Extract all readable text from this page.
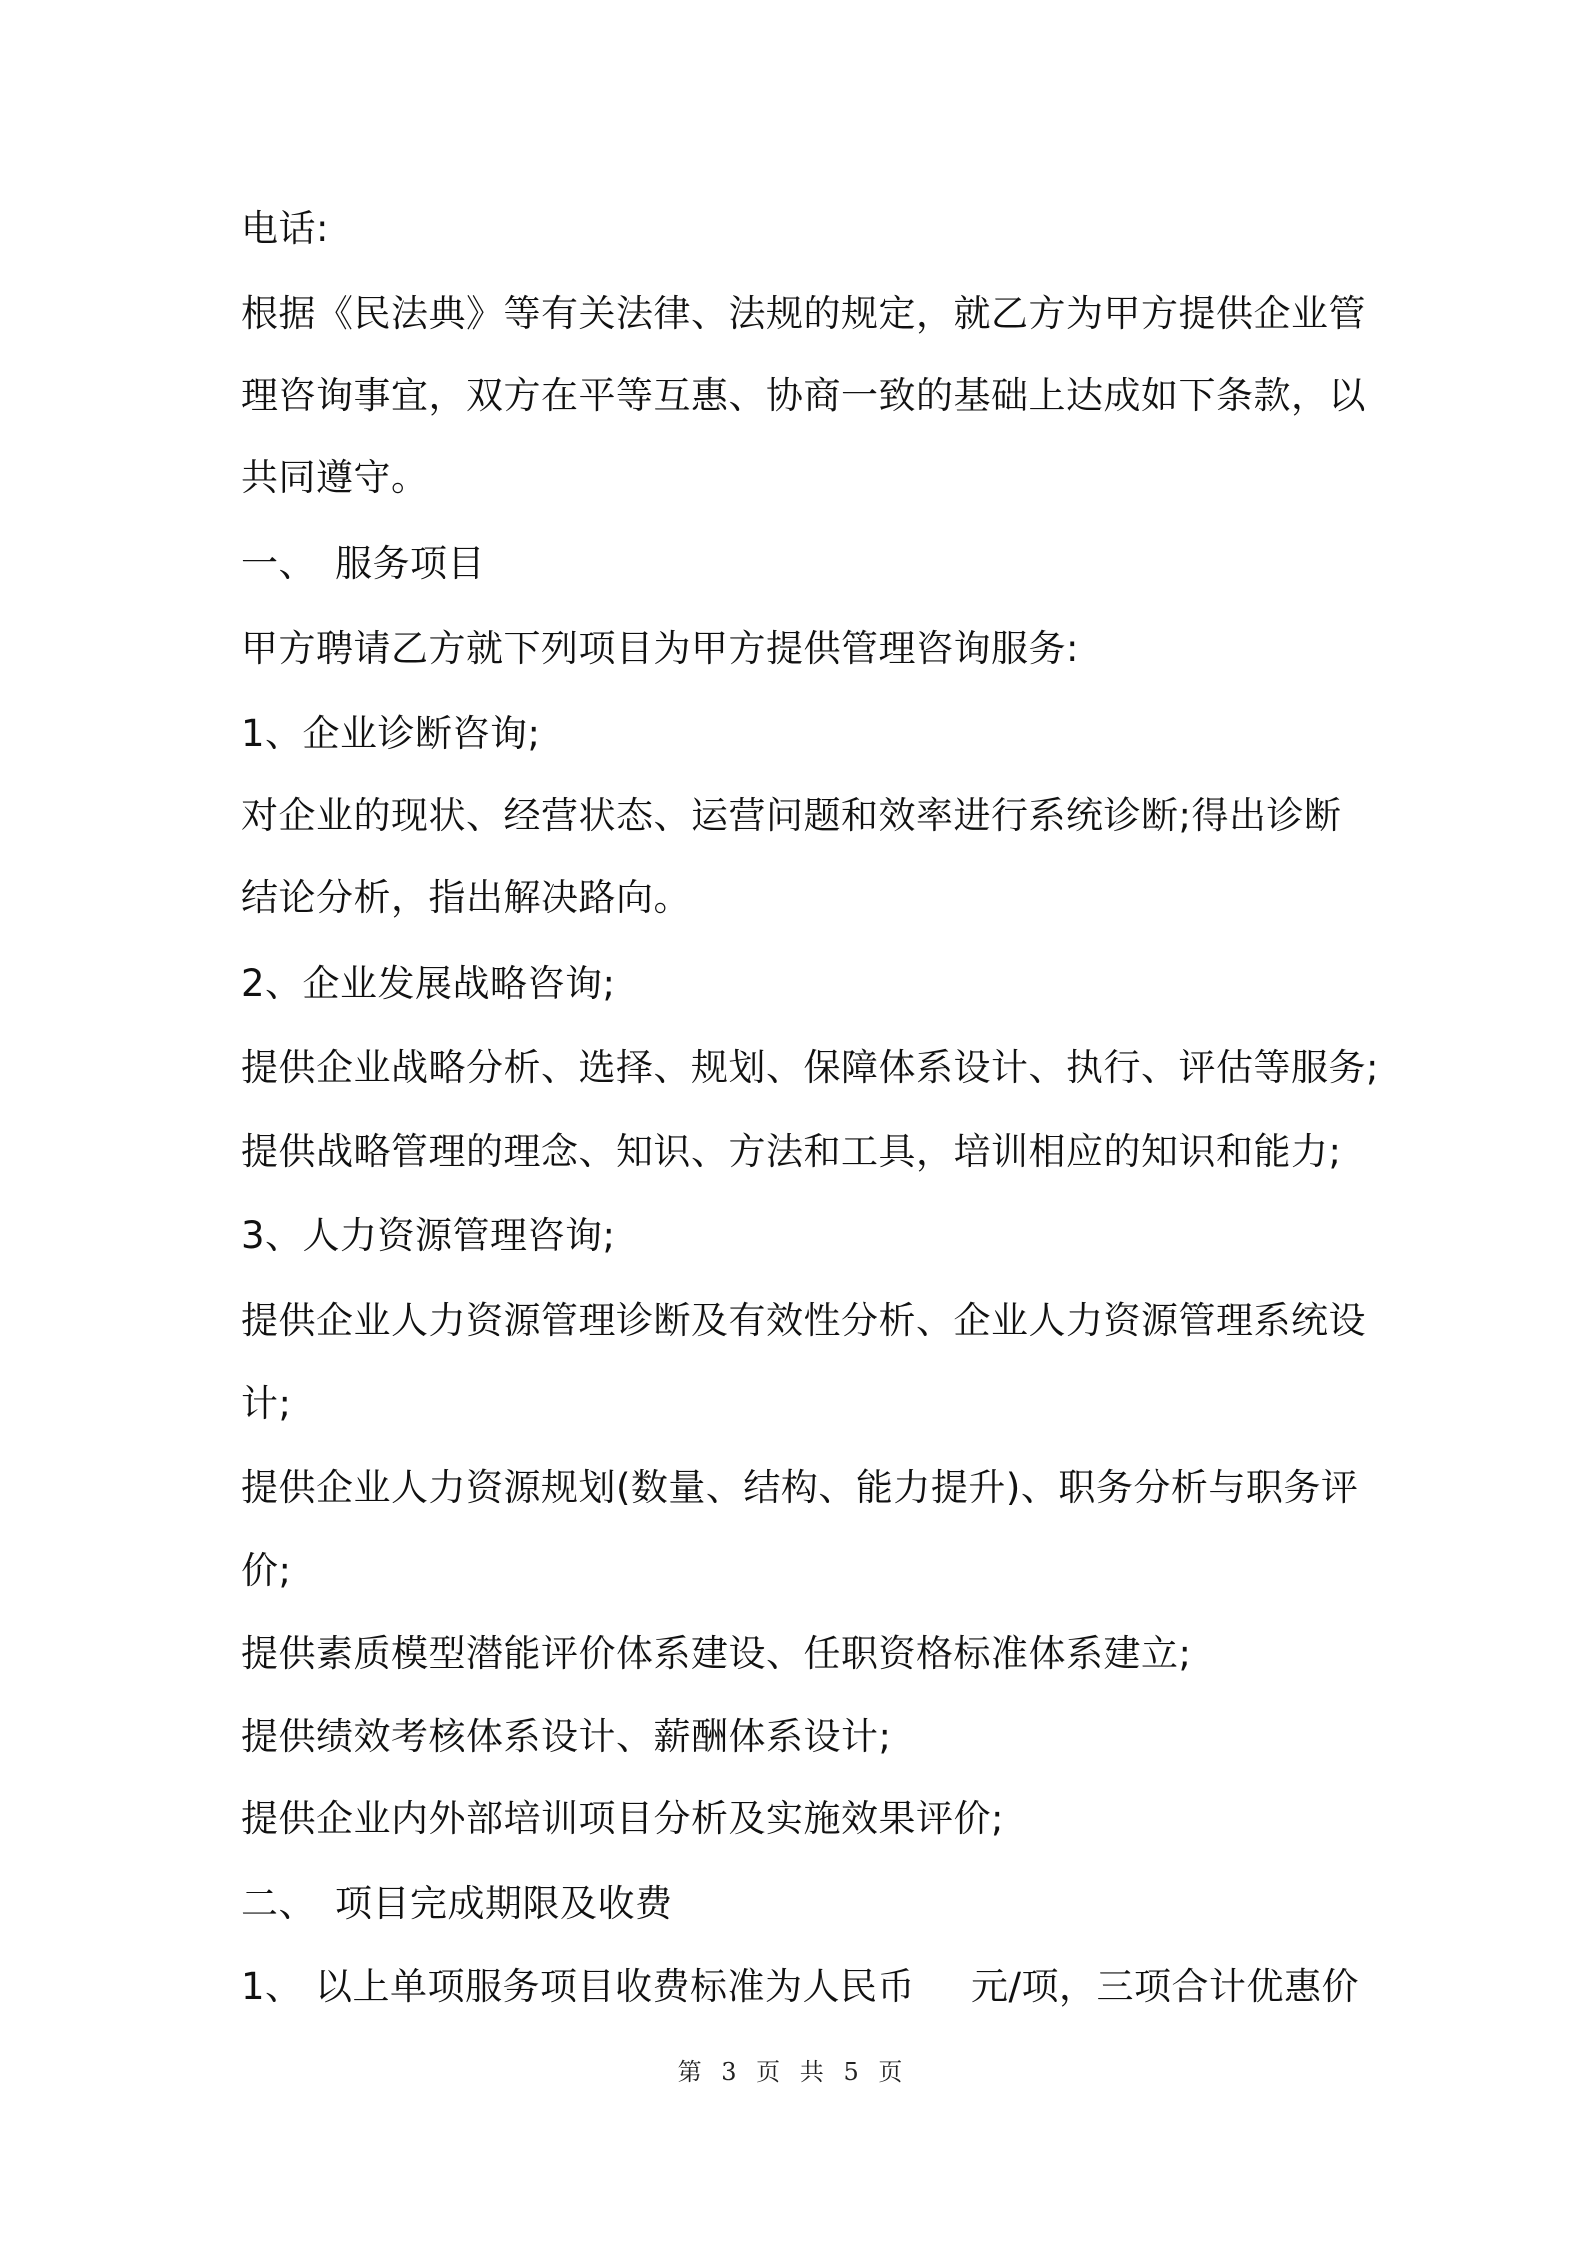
电话:
根据《民法典》等有关法律、法规的规定，就乙方为甲方提供企业管
理咨询事宜，双方在平等互惠、协商一致的基础上达成如下条款，以
共同遵守。
一、 服务项目
甲方聘请乙方就下列项目为甲方提供管理咨询服务:
1、企业诊断咨询;
对企业的现状、经营状态、运营问题和效率进行系统诊断;得出诊断
结论分析，指出解决路向。
2、企业发展战略咨询;
提供企业战略分析、选择、规划、保障体系设计、执行、评估等服务;
提供战略管理的理念、知识、方法和工具，培训相应的知识和能力;
3、人力资源管理咨询;
提供企业人力资源管理诊断及有效性分析、企业人力资源管理系统设
计;
提供企业人力资源规划(数量、结构、能力提升)、职务分析与职务评
价;
提供素质模型潜能评价体系建设、任职资格标准体系建立;
提供绩效考核体系设计、薪酬体系设计;
提供企业内外部培训项目分析及实施效果评价;
二、 项目完成期限及收费
1、 以上单项服务项目收费标准为人民币 元/项，三项合计优惠价
第 3 页 共 5 页
